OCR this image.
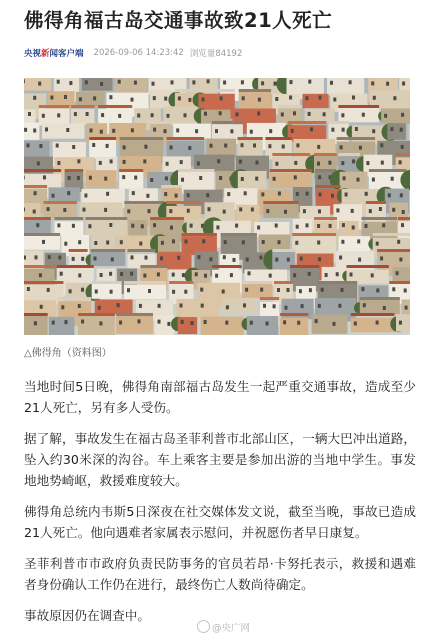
佛得角福古岛交通事故致21人死亡
央视新闻客户端 2026-09-06 14:23:42 浏览量84192
△佛得角（资料图）

当地时间5日晚，佛得角南部福古岛发生一起严重交通事故，造成至少21人死亡，另有多人受伤。

据了解，事故发生在福古岛圣菲利普市北部山区，一辆大巴冲出道路，坠入约30米深的沟谷。车上乘客主要是参加出游的当地中学生。事发地地势崎岖，救援难度较大。

佛得角总统内韦斯5日深夜在社交媒体发文说，截至当晚，事故已造成21人死亡。他向遇难者家属表示慰问，并祝愿伤者早日康复。

圣菲利普市市政府负责民防事务的官员若昂·卡努托表示，救援和遇难者身份确认工作仍在进行，最终伤亡人数尚待确定。

事故原因仍在调查中。

@央广网
